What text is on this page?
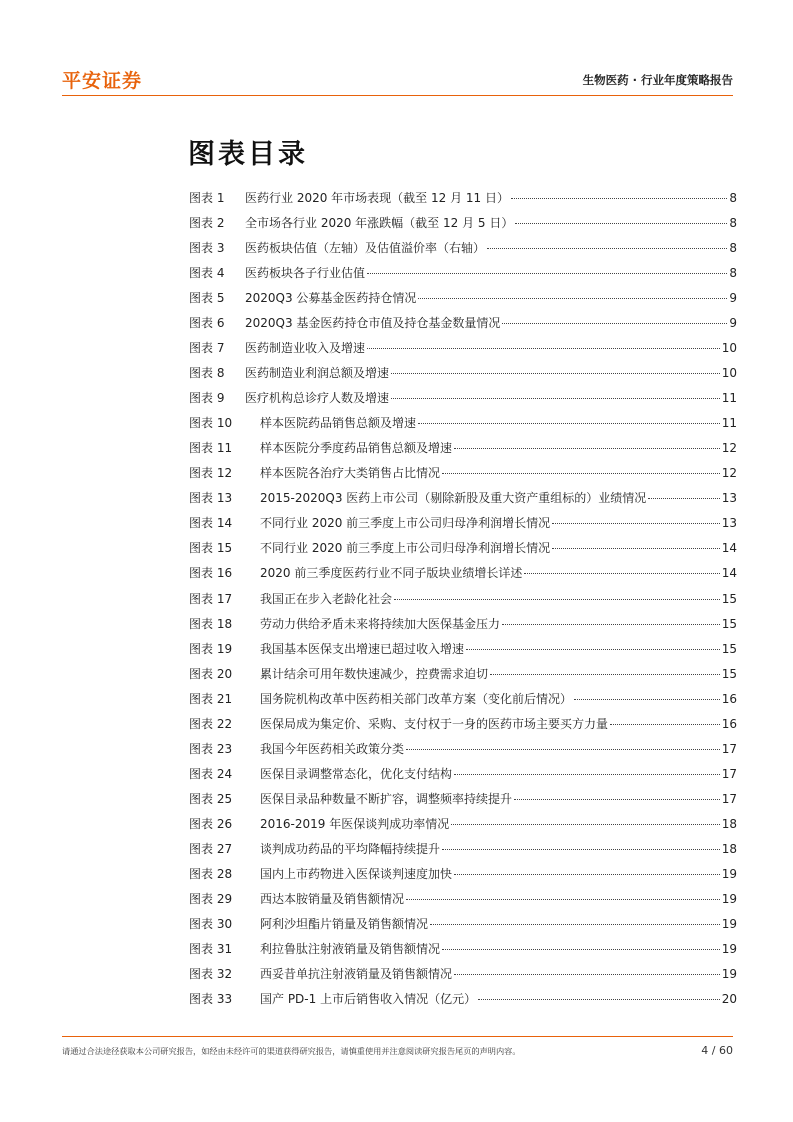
平安证券	生物医药 · 行业年度策略报告
图表目录
图表 1	医药行业 2020 年市场表现（截至 12 月 11 日）	8
图表 2	全市场各行业 2020 年涨跌幅（截至 12 月 5 日）	8
图表 3	医药板块估值（左轴）及估值溢价率（右轴）	8
图表 4	医药板块各子行业估值	8
图表 5	2020Q3 公募基金医药持仓情况	9
图表 6	2020Q3 基金医药持仓市值及持仓基金数量情况	9
图表 7	医药制造业收入及增速	10
图表 8	医药制造业利润总额及增速	10
图表 9	医疗机构总诊疗人数及增速	11
图表 10	样本医院药品销售总额及增速	11
图表 11	样本医院分季度药品销售总额及增速	12
图表 12	样本医院各治疗大类销售占比情况	12
图表 13	2015-2020Q3 医药上市公司（剔除新股及重大资产重组标的）业绩情况	13
图表 14	不同行业 2020 前三季度上市公司归母净利润增长情况	13
图表 15	不同行业 2020 前三季度上市公司归母净利润增长情况	14
图表 16	2020 前三季度医药行业不同子版块业绩增长详述	14
图表 17	我国正在步入老龄化社会	15
图表 18	劳动力供给矛盾未来将持续加大医保基金压力	15
图表 19	我国基本医保支出增速已超过收入增速	15
图表 20	累计结余可用年数快速减少，控费需求迫切	15
图表 21	国务院机构改革中医药相关部门改革方案（变化前后情况）	16
图表 22	医保局成为集定价、采购、支付权于一身的医药市场主要买方力量	16
图表 23	我国今年医药相关政策分类	17
图表 24	医保目录调整常态化，优化支付结构	17
图表 25	医保目录品种数量不断扩容，调整频率持续提升	17
图表 26	2016-2019 年医保谈判成功率情况	18
图表 27	谈判成功药品的平均降幅持续提升	18
图表 28	国内上市药物进入医保谈判速度加快	19
图表 29	西达本胺销量及销售额情况	19
图表 30	阿利沙坦酯片销量及销售额情况	19
图表 31	利拉鲁肽注射液销量及销售额情况	19
图表 32	西妥昔单抗注射液销量及销售额情况	19
图表 33	国产 PD-1 上市后销售收入情况（亿元）	20
请通过合法途径获取本公司研究报告，如经由未经许可的渠道获得研究报告，请慎重使用并注意阅读研究报告尾页的声明内容。	4 / 60
